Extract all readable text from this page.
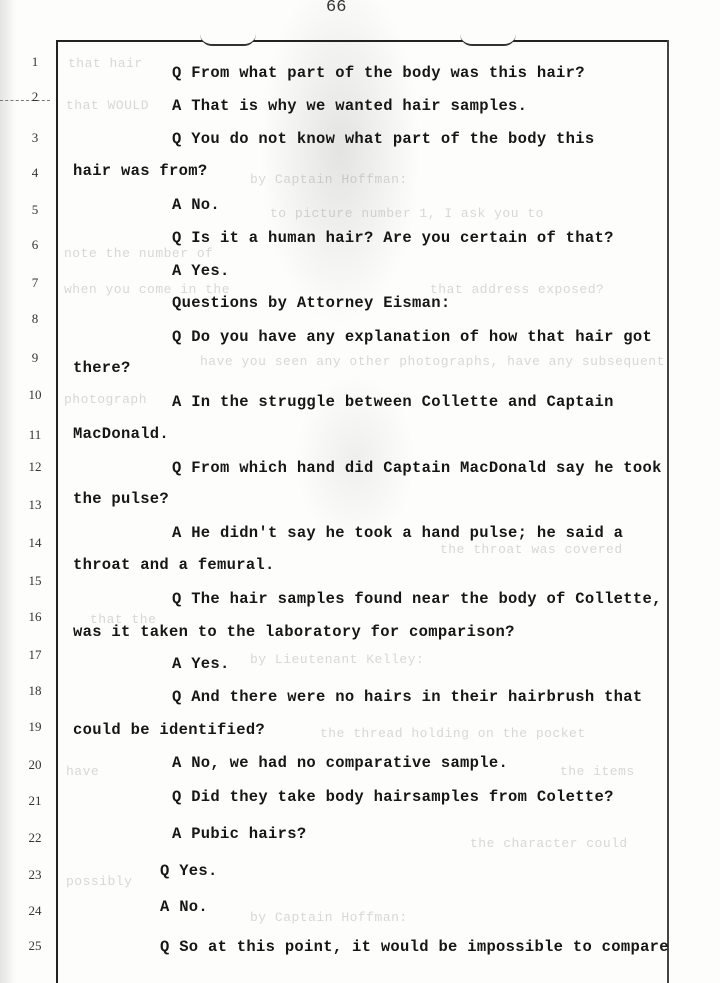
66
that hair
that WOULD
by Captain Hoffman:
to picture number 1, I ask you to
note the number of
when you come in the	that address exposed?
have you seen any other photographs, have any subsequent
photograph
the throat was covered
that the
by Lieutenant Kelley:
the thread holding on the pocket
have	the items
the character could
possibly
by Captain Hoffman:
1
2
3
4
5
6
7
8
9
10
11
12
13
14
15
16
17
18
19
20
21
22
23
24
25
Q From what part of the body was this hair?
A That is why we wanted hair samples.
Q You do not know what part of the body this
hair was from?
A No.
Q Is it a human hair? Are you certain of that?
A Yes.
Questions by Attorney Eisman:
Q Do you have any explanation of how that hair got
there?
A In the struggle between Collette and Captain
MacDonald.
Q From which hand did Captain MacDonald say he took
the pulse?
A He didn't say he took a hand pulse; he said a
throat and a femural.
Q The hair samples found near the body of Collette,
was it taken to the laboratory for comparison?
A Yes.
Q And there were no hairs in their hairbrush that
could be identified?
A No, we had no comparative sample.
Q Did they take body hairsamples from Colette?
A Pubic hairs?
Q Yes.
A No.
Q So at this point, it would be impossible to compare
